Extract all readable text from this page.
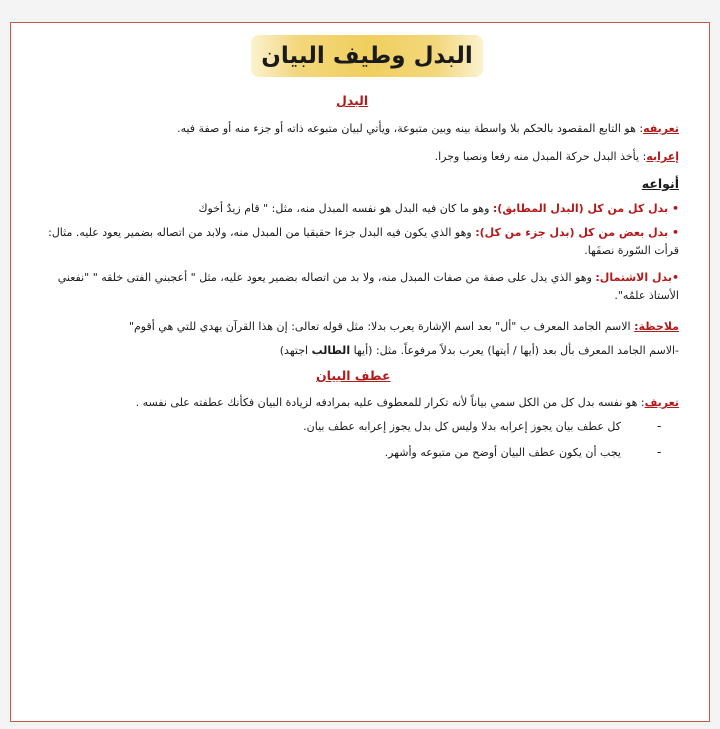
البدل وطيف البيان
البدل
تعريفه: هو التابع المقصود بالحكم بلا واسطة بينه وبين متبوعة، ويأتي لبيان متبوعه ذاته أو جزء منه أو صفة فيه.
إعرابه: يأخذ البدل حركة المبدل منه رفعا ونصبا وجرا.
أنواعه
• بدل كل من كل (البدل المطابق): وهو ما كان فيه البدل هو نفسه المبدل منه، مثل: " قام زيدٌ أخوك
• بدل بعض من كل (بدل جزء من كل): وهو الذي يكون فيه البدل جزءا حقيقيا من المبدل منه، ولابد من اتصاله بضمير يعود عليه. مثال: قرأت السّورة نصفَها.
•بدل الاشتمال: وهو الذي يدل على صفة من صفات المبدل منه، ولا بد من اتصاله بضمير يعود عليه، مثل " أعجبني الفتى خلقه " "نفعني الأستاذ علمُه".
ملاحظة: الاسم الجامد المعرف ب "أل" بعد اسم الإشارة يعرب بدلا: مثل قوله تعالى: إن هذا القرآن يهدي للتي هي أقوم"
-الاسم الجامد المعرف بأل بعد (أيها / أيتها) يعرب بدلاً مرفوعاً. مثل: (أيها الطالب اجتهد)
عطف البيان
تعريف: هو نفسه بدل كل من الكل سمي بياناً لأنه تكرار للمعطوف عليه بمرادفه لزيادة البيان فكأنك عطفته على نفسه .
-
كل عطف بيان يجوز إعرابه بدلا وليس كل بدل يجوز إعرابه عطف بيان.
-
يجب أن يكون عطف البيان أوضح من متبوعه وأشهر.
